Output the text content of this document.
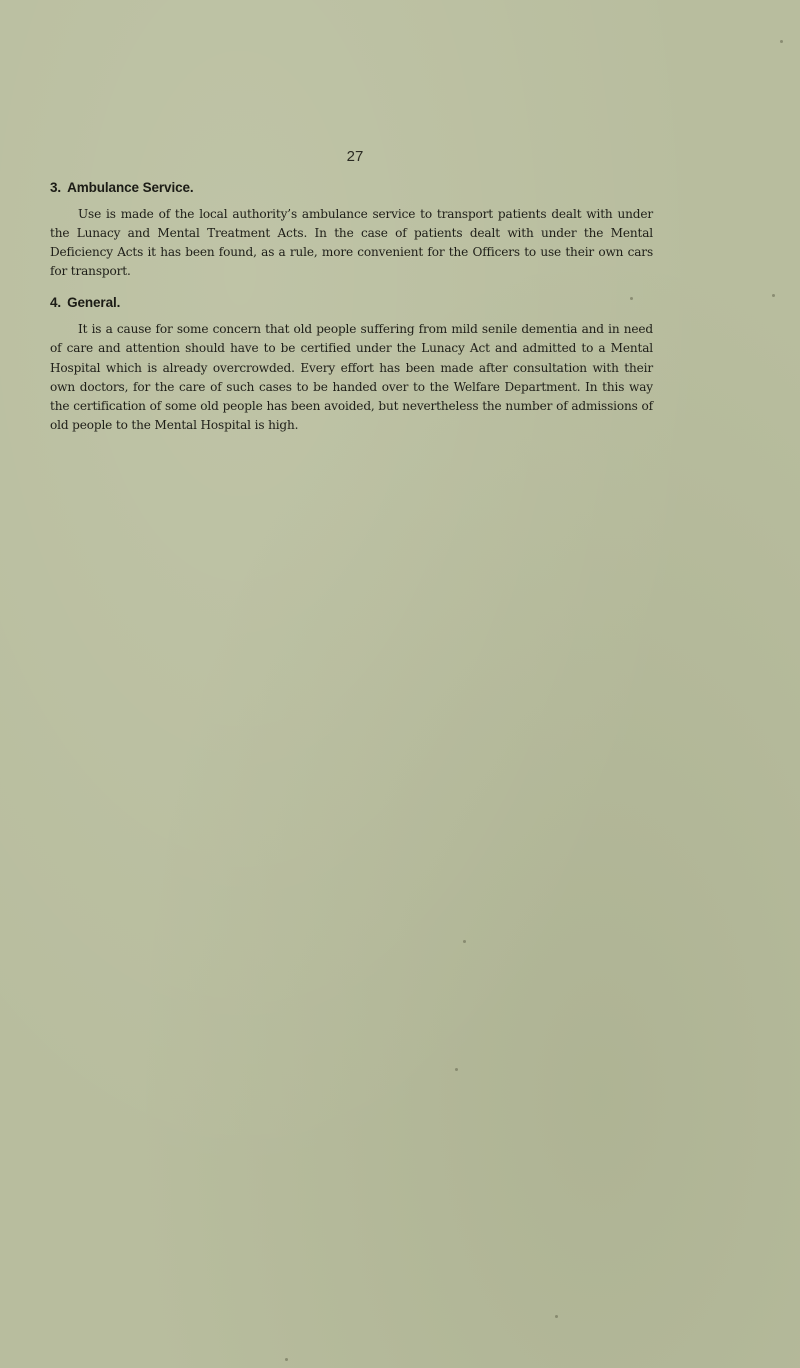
27
3. Ambulance Service.

Use is made of the local authority’s ambulance service to transport patients dealt with under the Lunacy and Mental Treatment Acts. In the case of patients dealt with under the Mental Deficiency Acts it has been found, as a rule, more convenient for the Officers to use their own cars for transport.

4. General.

It is a cause for some concern that old people suffering from mild senile dementia and in need of care and attention should have to be certified under the Lunacy Act and admitted to a Mental Hospital which is already overcrowded. Every effort has been made after consultation with their own doctors, for the care of such cases to be handed over to the Welfare Department. In this way the certification of some old people has been avoided, but nevertheless the number of admissions of old people to the Mental Hospital is high.
